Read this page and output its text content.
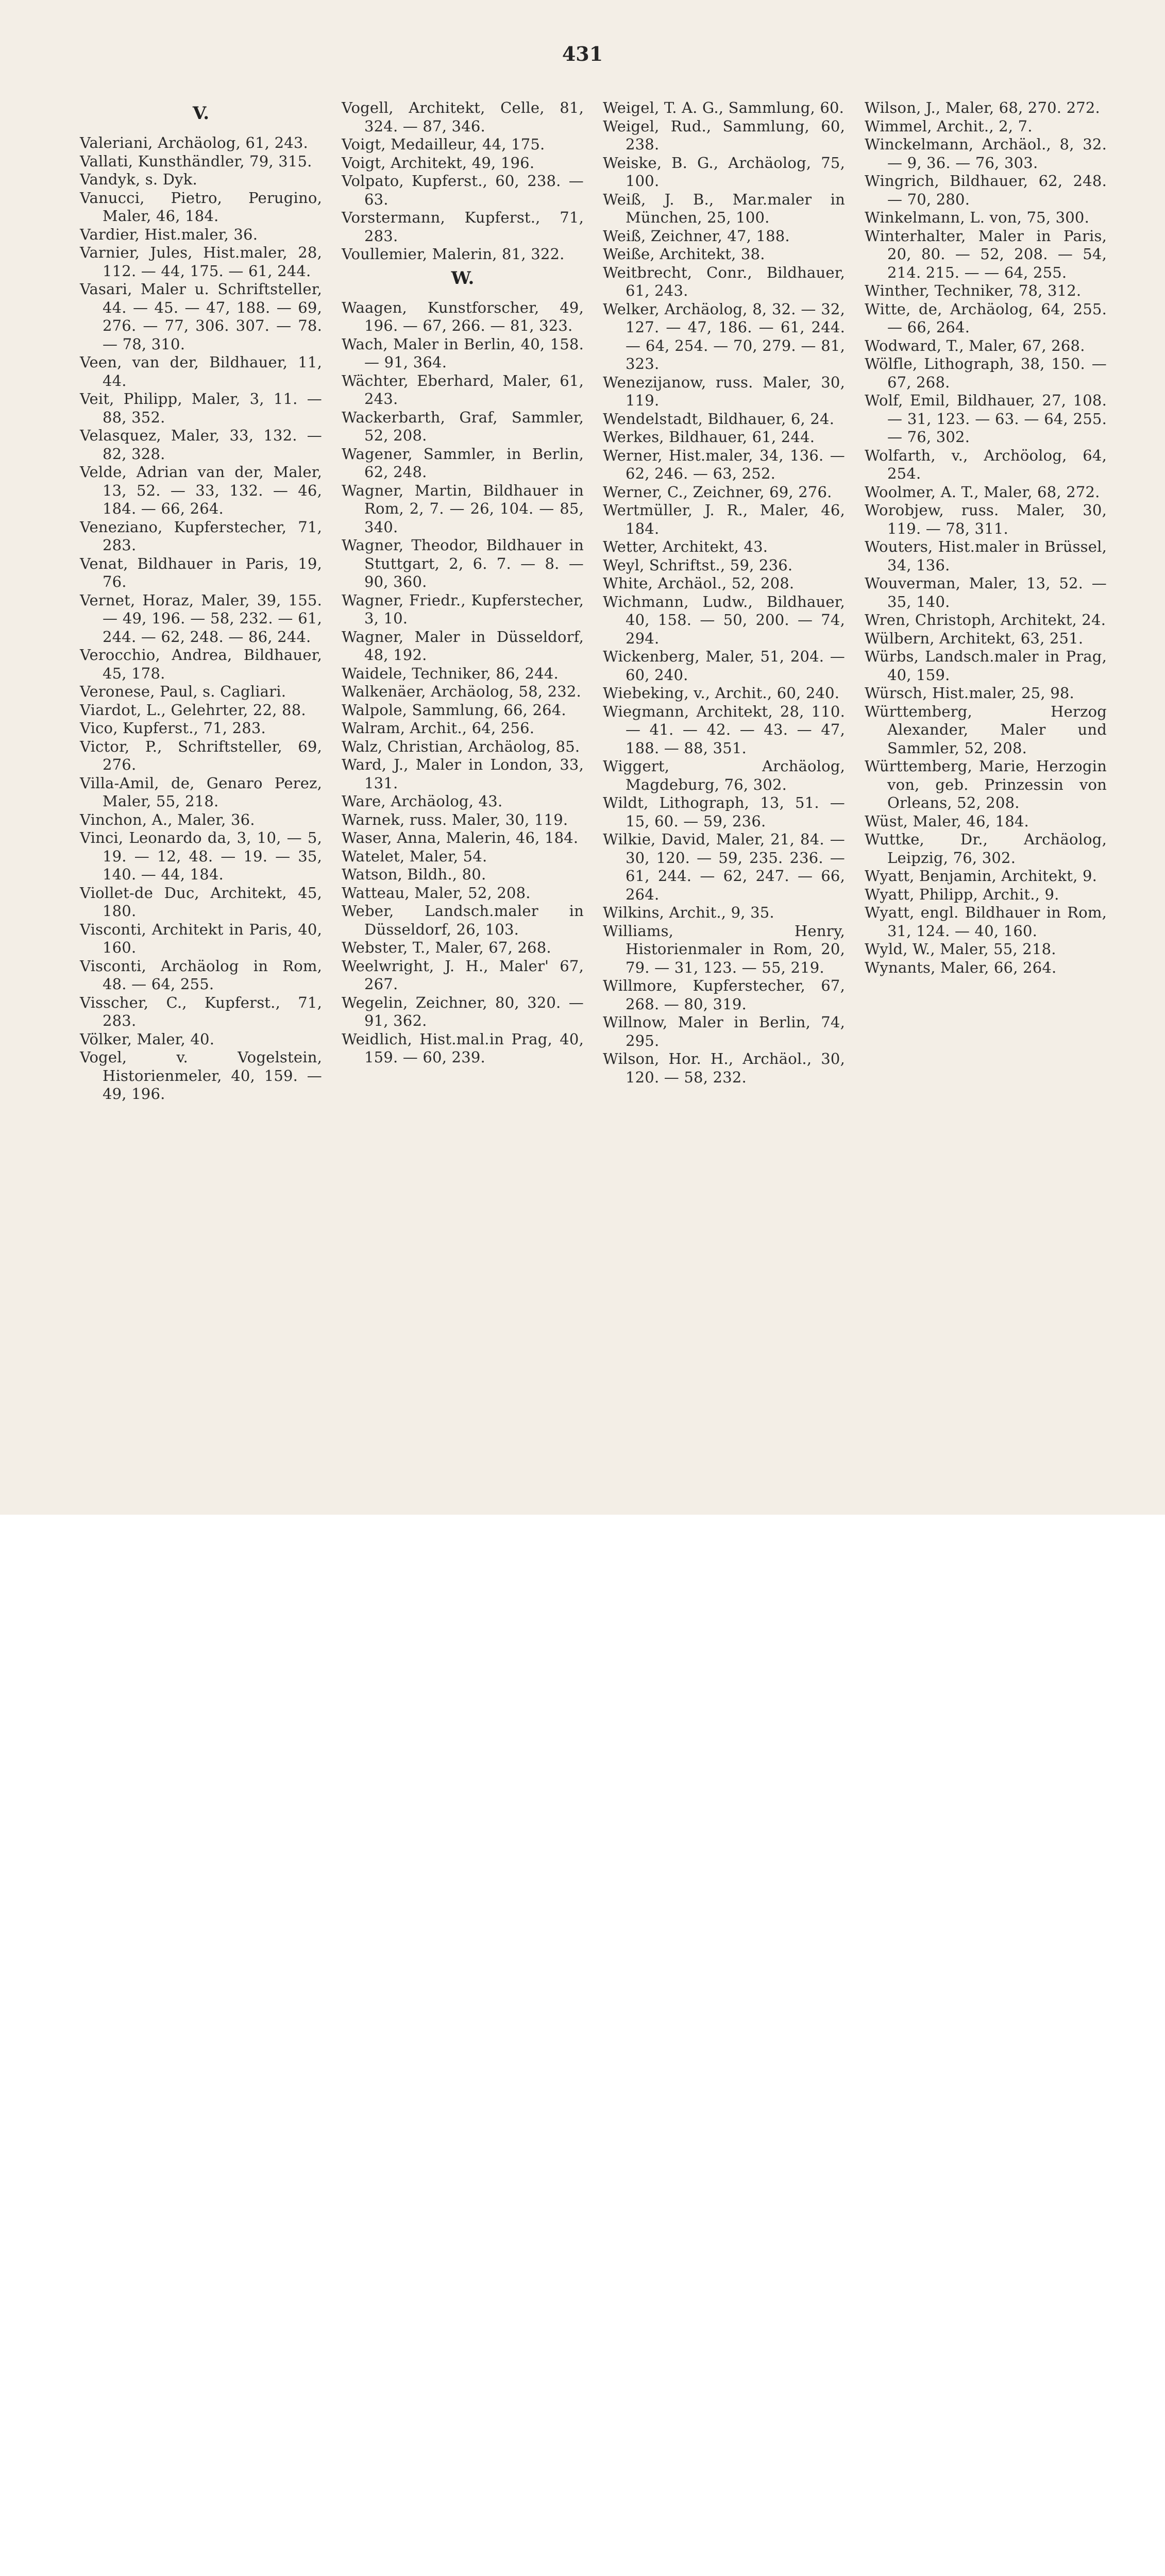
431
V.

Valeriani, Archäolog, 61, 243.

Vallati, Kunsthändler, 79, 315.

Vandyk, s. Dyk.

Vanucci, Pietro, Perugino, Maler, 46, 184.

Vardier, Hist.maler, 36.

Varnier, Jules, Hist.maler, 28, 112. — 44, 175. — 61, 244.

Vasari, Maler u. Schriftsteller, 44. — 45. — 47, 188. — 69, 276. — 77, 306. 307. — 78. — 78, 310.

Veen, van der, Bildhauer, 11, 44.

Veit, Philipp, Maler, 3, 11. — 88, 352.

Velasquez, Maler, 33, 132. — 82, 328.

Velde, Adrian van der, Maler, 13, 52. — 33, 132. — 46, 184. — 66, 264.

Veneziano, Kupferstecher, 71, 283.

Venat, Bildhauer in Paris, 19, 76.

Vernet, Horaz, Maler, 39, 155. — 49, 196. — 58, 232. — 61, 244. — 62, 248. — 86, 244.

Verocchio, Andrea, Bildhauer, 45, 178.

Veronese, Paul, s. Cagliari.

Viardot, L., Gelehrter, 22, 88.

Vico, Kupferst., 71, 283.

Victor, P., Schriftsteller, 69, 276.

Villa-Amil, de, Genaro Perez, Maler, 55, 218.

Vinchon, A., Maler, 36.

Vinci, Leonardo da, 3, 10, — 5, 19. — 12, 48. — 19. — 35, 140. — 44, 184.

Viollet-de Duc, Architekt, 45, 180.

Visconti, Architekt in Paris, 40, 160.

Visconti, Archäolog in Rom, 48. — 64, 255.

Visscher, C., Kupferst., 71, 283.

Völker, Maler, 40.

Vogel, v. Vogelstein, Historienmeler, 40, 159. — 49, 196.

Vogell, Architekt, Celle, 81, 324. — 87, 346.

Voigt, Medailleur, 44, 175.

Voigt, Architekt, 49, 196.

Volpato, Kupferst., 60, 238. — 63.

Vorstermann, Kupferst., 71, 283.

Voullemier, Malerin, 81, 322.

W.

Waagen, Kunstforscher, 49, 196. — 67, 266. — 81, 323.

Wach, Maler in Berlin, 40, 158. — 91, 364.

Wächter, Eberhard, Maler, 61, 243.

Wackerbarth, Graf, Sammler, 52, 208.

Wagener, Sammler, in Berlin, 62, 248.

Wagner, Martin, Bildhauer in Rom, 2, 7. — 26, 104. — 85, 340.

Wagner, Theodor, Bildhauer in Stuttgart, 2, 6. 7. — 8. — 90, 360.

Wagner, Friedr., Kupferstecher, 3, 10.

Wagner, Maler in Düsseldorf, 48, 192.

Waidele, Techniker, 86, 244.

Walkenäer, Archäolog, 58, 232.

Walpole, Sammlung, 66, 264.

Walram, Archit., 64, 256.

Walz, Christian, Archäolog, 85.

Ward, J., Maler in London, 33, 131.

Ware, Archäolog, 43.

Warnek, russ. Maler, 30, 119.

Waser, Anna, Malerin, 46, 184.

Watelet, Maler, 54.

Watson, Bildh., 80.

Watteau, Maler, 52, 208.

Weber, Landsch.maler in Düsseldorf, 26, 103.

Webster, T., Maler, 67, 268.

Weelwright, J. H., Maler' 67, 267.

Wegelin, Zeichner, 80, 320. — 91, 362.

Weidlich, Hist.mal.in Prag, 40, 159. — 60, 239.

Weigel, T. A. G., Sammlung, 60.

Weigel, Rud., Sammlung, 60, 238.

Weiske, B. G., Archäolog, 75, 100.

Weiß, J. B., Mar.maler in München, 25, 100.

Weiß, Zeichner, 47, 188.

Weiße, Architekt, 38.

Weitbrecht, Conr., Bildhauer, 61, 243.

Welker, Archäolog, 8, 32. — 32, 127. — 47, 186. — 61, 244. — 64, 254. — 70, 279. — 81, 323.

Wenezijanow, russ. Maler, 30, 119.

Wendelstadt, Bildhauer, 6, 24.

Werkes, Bildhauer, 61, 244.

Werner, Hist.maler, 34, 136. — 62, 246. — 63, 252.

Werner, C., Zeichner, 69, 276.

Wertmüller, J. R., Maler, 46, 184.

Wetter, Architekt, 43.

Weyl, Schriftst., 59, 236.

White, Archäol., 52, 208.

Wichmann, Ludw., Bildhauer, 40, 158. — 50, 200. — 74, 294.

Wickenberg, Maler, 51, 204. — 60, 240.

Wiebeking, v., Archit., 60, 240.

Wiegmann, Architekt, 28, 110. — 41. — 42. — 43. — 47, 188. — 88, 351.

Wiggert, Archäolog, Magdeburg, 76, 302.

Wildt, Lithograph, 13, 51. — 15, 60. — 59, 236.

Wilkie, David, Maler, 21, 84. — 30, 120. — 59, 235. 236. — 61, 244. — 62, 247. — 66, 264.

Wilkins, Archit., 9, 35.

Williams, Henry, Historienmaler in Rom, 20, 79. — 31, 123. — 55, 219.

Willmore, Kupferstecher, 67, 268. — 80, 319.

Willnow, Maler in Berlin, 74, 295.

Wilson, Hor. H., Archäol., 30, 120. — 58, 232.

Wilson, J., Maler, 68, 270. 272.

Wimmel, Archit., 2, 7.

Winckelmann, Archäol., 8, 32. — 9, 36. — 76, 303.

Wingrich, Bildhauer, 62, 248. — 70, 280.

Winkelmann, L. von, 75, 300.

Winterhalter, Maler in Paris, 20, 80. — 52, 208. — 54, 214. 215. — — 64, 255.

Winther, Techniker, 78, 312.

Witte, de, Archäolog, 64, 255. — 66, 264.

Wodward, T., Maler, 67, 268.

Wölfle, Lithograph, 38, 150. — 67, 268.

Wolf, Emil, Bildhauer, 27, 108. — 31, 123. — 63. — 64, 255. — 76, 302.

Wolfarth, v., Archöolog, 64, 254.

Woolmer, A. T., Maler, 68, 272.

Worobjew, russ. Maler, 30, 119. — 78, 311.

Wouters, Hist.maler in Brüssel, 34, 136.

Wouverman, Maler, 13, 52. — 35, 140.

Wren, Christoph, Architekt, 24.

Wülbern, Architekt, 63, 251.

Würbs, Landsch.maler in Prag, 40, 159.

Würsch, Hist.maler, 25, 98.

Württemberg, Herzog Alexander, Maler und Sammler, 52, 208.

Württemberg, Marie, Herzogin von, geb. Prinzessin von Orleans, 52, 208.

Wüst, Maler, 46, 184.

Wuttke, Dr., Archäolog, Leipzig, 76, 302.

Wyatt, Benjamin, Architekt, 9.

Wyatt, Philipp, Archit., 9.

Wyatt, engl. Bildhauer in Rom, 31, 124. — 40, 160.

Wyld, W., Maler, 55, 218.

Wynants, Maler, 66, 264.
